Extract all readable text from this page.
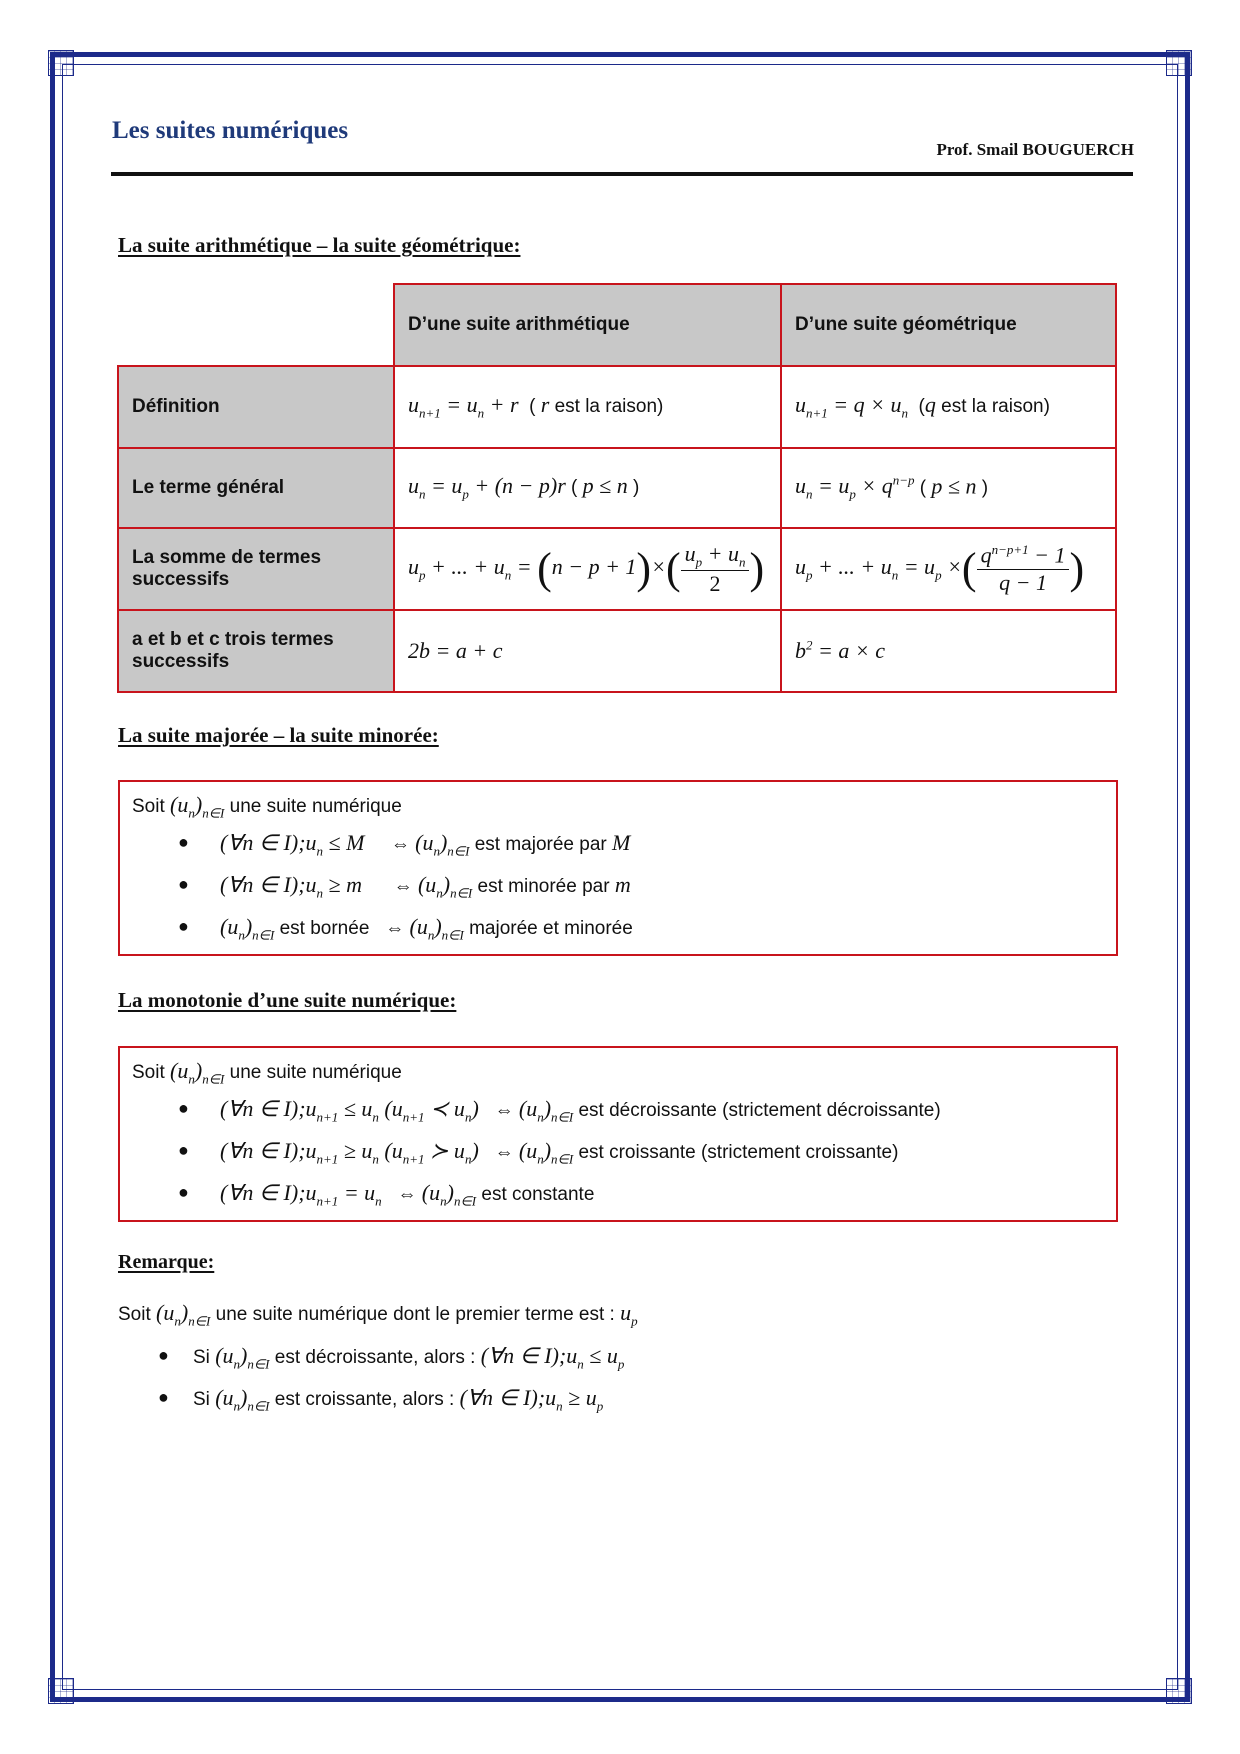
Les suites numériques
Prof. Smail BOUGUERCH
La suite arithmétique – la suite géométrique:
	D’une suite arithmétique	D’une suite géométrique
Définition	$u_{n+1} = u_n + r$  ( r est la raison)	$u_{n+1} = q \times u_n$  (q est la raison)
Le terme général	$u_n = u_p + (n - p)r$ ( p ≤ n )	$u_n = u_p \times q^{n-p}$ ( p ≤ n )
La somme de termes successifs	$u_p$ + ... + $u_n = (n - p + 1)\times( \frac{u_p + u_n}{2}$ )	$u_p$ + ... + $u_n = u_p$ ×( $\frac{q^{n-p+1} - 1}{q - 1}$ )
a et b et c trois termes successifs	2b = a + c	$b^2 = a \times c$
La suite majorée – la suite minorée:
Soit $(u_n)_{n\in I}$ une suite numérique
● (∀n ∈ $I);u_n \le M$     ⇔ $(u_n)_{n\in I}$ est majorée par M
● (∀n ∈ $I);u_n \ge m$      ⇔ $(u_n)_{n\in I}$ est minorée par m
● $(u_n)_{n\in I}$ est bornée   ⇔ $(u_n)_{n\in I}$ majorée et minorée
La monotonie d’une suite numérique:
Soit $(u_n)_{n\in I}$ une suite numérique
● (∀n ∈ $I);u_{n+1} \le u_n$ ($u_{n+1}$ ≺ $u_n$)   ⇔ $(u_n)_{n\in I}$ est décroissante (strictement décroissante)
● (∀n ∈ $I);u_{n+1} \ge u_n$ ($u_{n+1}$ ≻ $u_n$)   ⇔ $(u_n)_{n\in I}$ est croissante (strictement croissante)
● (∀n ∈ $I);u_{n+1} = u_n$   ⇔ $(u_n)_{n\in I}$ est constante
Remarque:
Soit $(u_n)_{n\in I}$ une suite numérique dont le premier terme est : $u_p$
● Si $(u_n)_{n\in I}$ est décroissante, alors : (∀n ∈ $I);u_n \le u_p$
● Si $(u_n)_{n\in I}$ est croissante, alors : (∀n ∈ $I);u_n \ge u_p$
